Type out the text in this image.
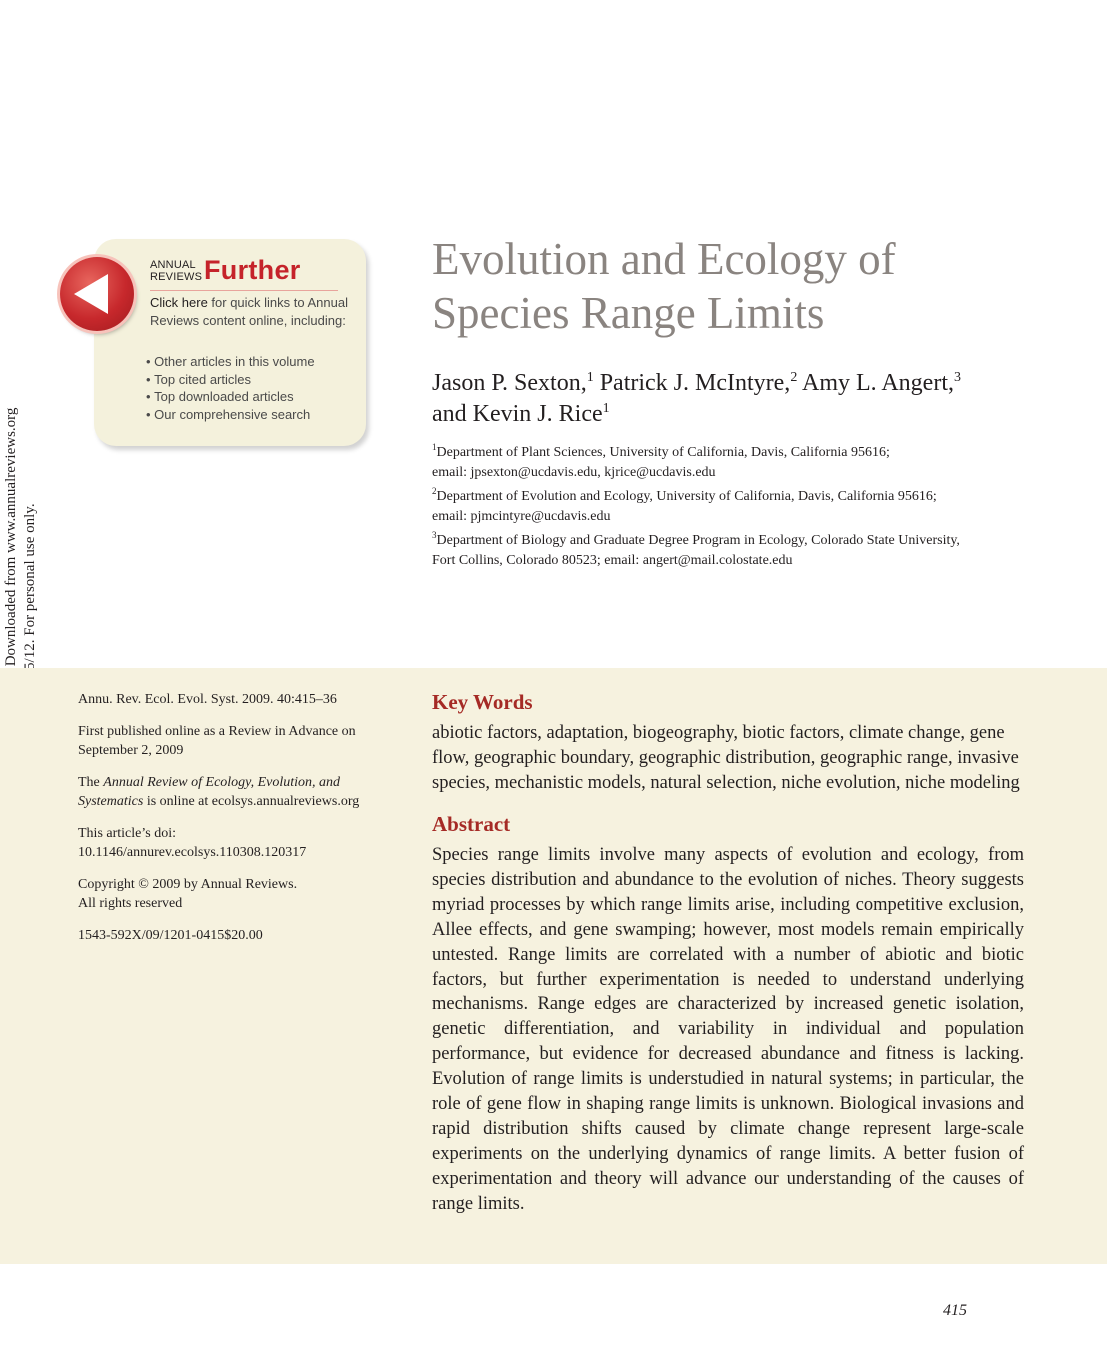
ANNUAL
REVIEWS Further
Click here for quick links to Annual Reviews content online, including:
• Other articles in this volume
• Top cited articles
• Top downloaded articles
• Our comprehensive search
Evolution and Ecology of
Species Range Limits
Jason P. Sexton,$^1$ Patrick J. McIntyre,$^2$ Amy L. Angert,$^3$
and Kevin J. Rice$^1$
$^1$Department of Plant Sciences, University of California, Davis, California 95616;
email: jpsexton@ucdavis.edu, kjrice@ucdavis.edu
$^2$Department of Evolution and Ecology, University of California, Davis, California 95616;
email: pjmcintyre@ucdavis.edu
$^3$Department of Biology and Graduate Degree Program in Ecology, Colorado State University,
Fort Collins, Colorado 80523; email: angert@mail.colostate.edu

Annu. Rev. Ecol. Evol. Syst. 2009. 40:415–36

First published online as a Review in Advance on
September 2, 2009

The Annual Review of Ecology, Evolution, and
Systematics is online at ecolsys.annualreviews.org

This article’s doi:
10.1146/annurev.ecolsys.110308.120317

Copyright © 2009 by Annual Reviews.
All rights reserved

1543-592X/09/1201-0415$20.00

Key Words

abiotic factors, adaptation, biogeography, biotic factors, climate change, gene flow, geographic boundary, geographic distribution, geographic range, invasive species, mechanistic models, natural selection, niche evolution, niche modeling

Abstract

Species range limits involve many aspects of evolution and ecology, from species distribution and abundance to the evolution of niches. Theory suggests myriad processes by which range limits arise, including competitive exclusion, Allee effects, and gene swamping; however, most models remain empirically untested. Range limits are correlated with a number of abiotic and biotic factors, but further experimentation is needed to understand underlying mechanisms. Range edges are characterized by increased genetic isolation, genetic differentiation, and variability in individual and population performance, but evidence for decreased abundance and fitness is lacking. Evolution of range limits is understudied in natural systems; in particular, the role of gene flow in shaping range limits is unknown. Biological invasions and rapid distribution shifts caused by climate change represent large-scale experiments on the underlying dynamics of range limits. A better fusion of experimentation and theory will advance our understanding of the causes of range limits.

415
